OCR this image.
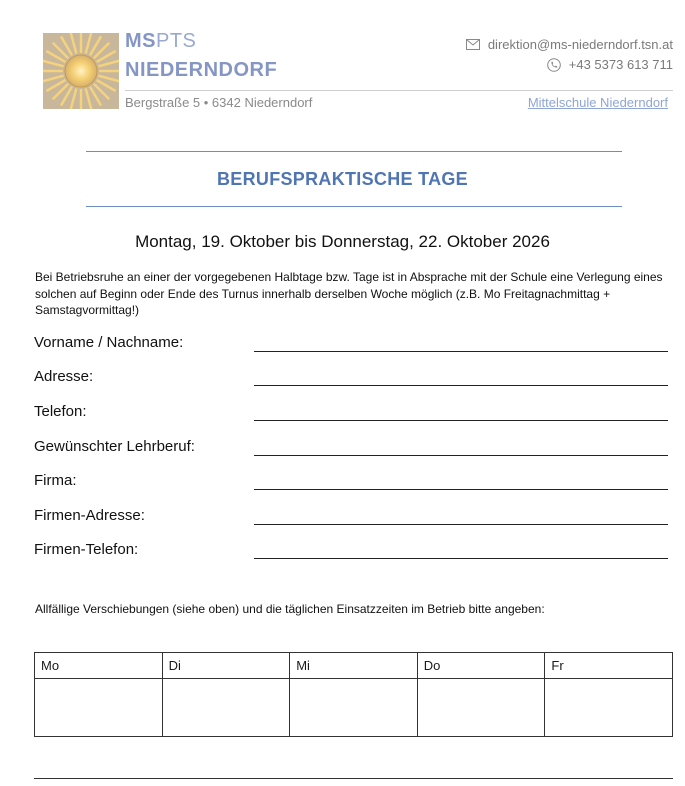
MSPTS
NIEDERNDORF
direktion@ms-niederndorf.tsn.at
+43 5373 613 711
Bergstraße 5 • 6342 Niederndorf	Mittelschule Niederndorf
BERUFSPRAKTISCHE TAGE
Montag, 19. Oktober bis Donnerstag, 22. Oktober 2026
Bei Betriebsruhe an einer der vorgegebenen Halbtage bzw. Tage ist in Absprache mit der Schule eine Verlegung eines solchen auf Beginn oder Ende des Turnus innerhalb derselben Woche möglich (z.B. Mo Freitagnachmittag + Samstagvormittag!)
Vorname / Nachname:
Adresse:
Telefon:
Gewünschter Lehrberuf:
Firma:
Firmen-Adresse:
Firmen-Telefon:
Allfällige Verschiebungen (siehe oben) und die täglichen Einsatzzeiten im Betrieb bitte angeben:
Mo	Di	Mi	Do	Fr
